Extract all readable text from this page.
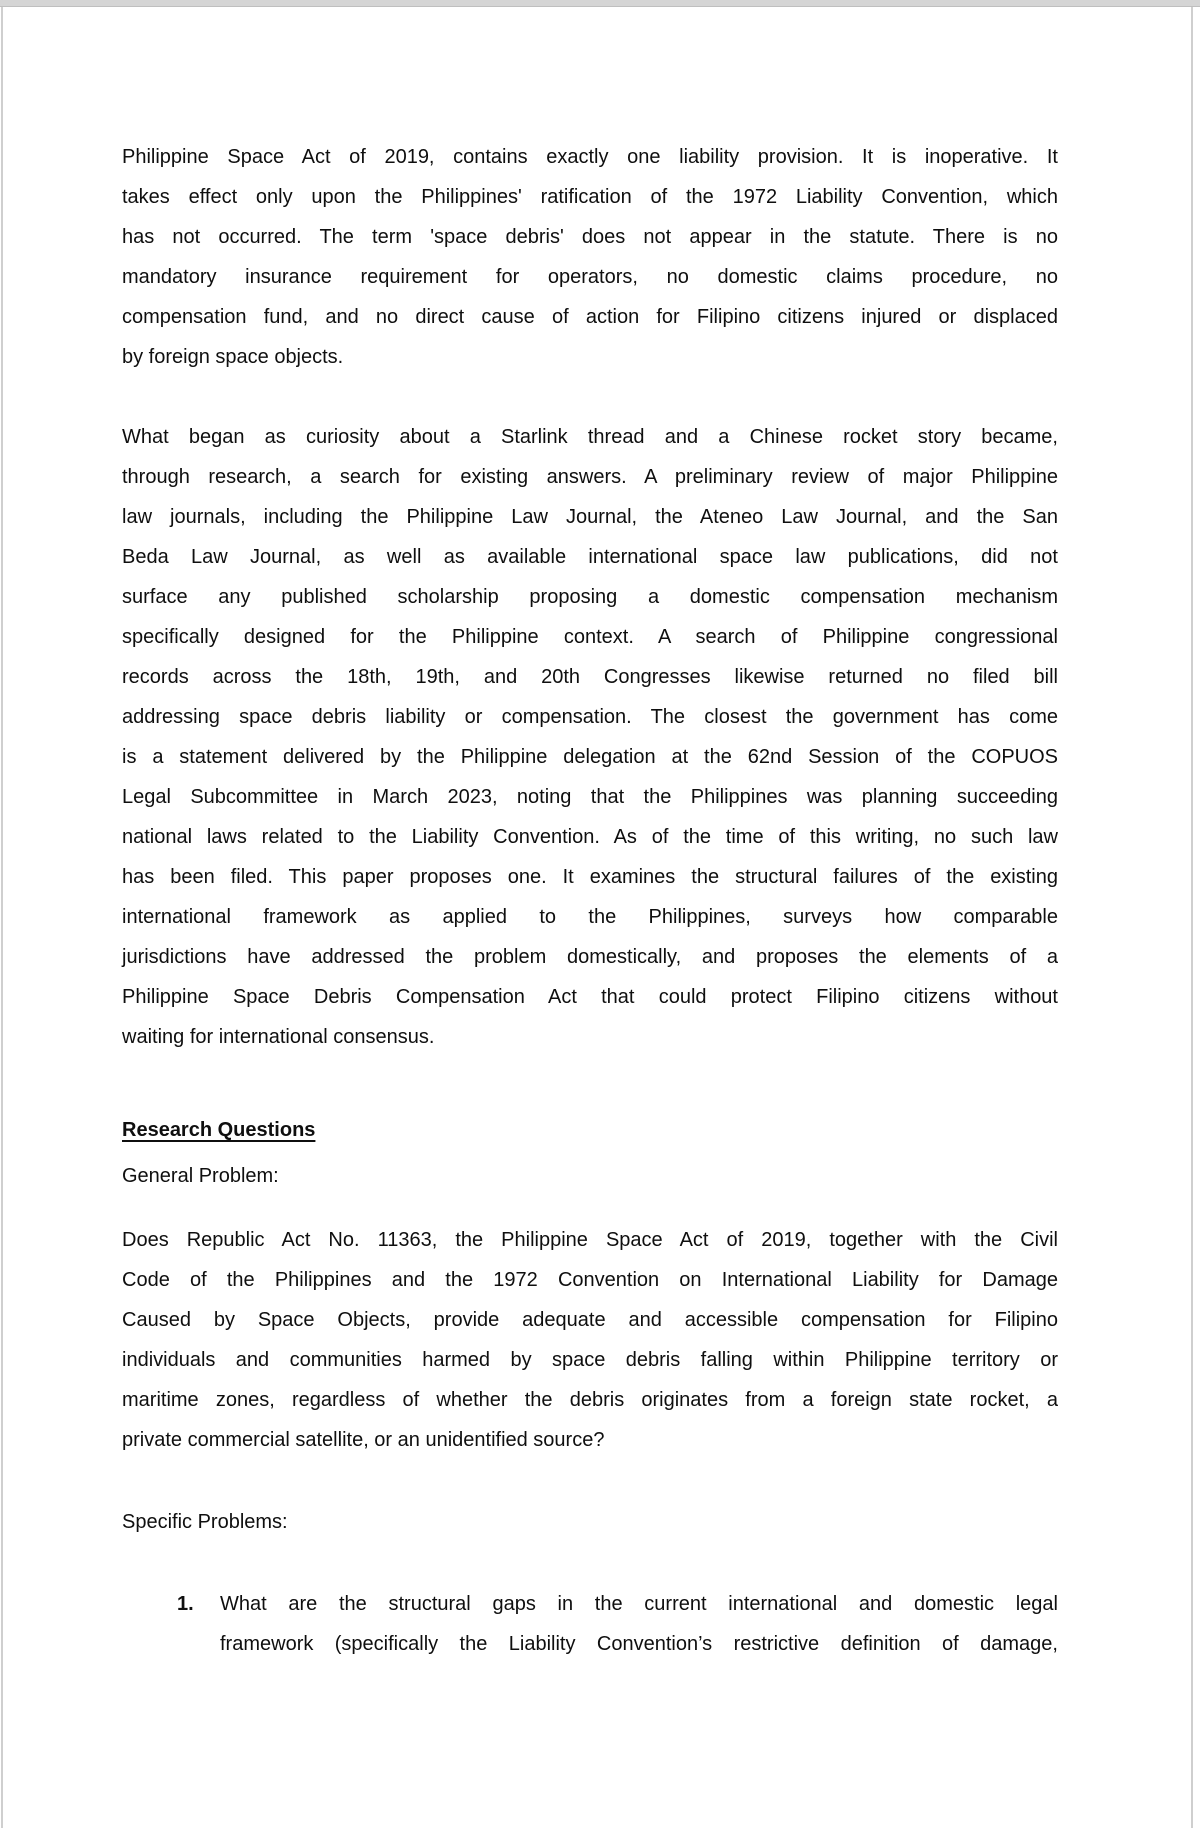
Philippine Space Act of 2019, contains exactly one liability provision. It is inoperative. It
takes effect only upon the Philippines' ratification of the 1972 Liability Convention, which
has not occurred. The term 'space debris' does not appear in the statute. There is no
mandatory insurance requirement for operators, no domestic claims procedure, no
compensation fund, and no direct cause of action for Filipino citizens injured or displaced
by foreign space objects.
What began as curiosity about a Starlink thread and a Chinese rocket story became,
through research, a search for existing answers. A preliminary review of major Philippine
law journals, including the Philippine Law Journal, the Ateneo Law Journal, and the San
Beda Law Journal, as well as available international space law publications, did not
surface any published scholarship proposing a domestic compensation mechanism
specifically designed for the Philippine context. A search of Philippine congressional
records across the 18th, 19th, and 20th Congresses likewise returned no filed bill
addressing space debris liability or compensation. The closest the government has come
is a statement delivered by the Philippine delegation at the 62nd Session of the COPUOS
Legal Subcommittee in March 2023, noting that the Philippines was planning succeeding
national laws related to the Liability Convention. As of the time of this writing, no such law
has been filed. This paper proposes one. It examines the structural failures of the existing
international framework as applied to the Philippines, surveys how comparable
jurisdictions have addressed the problem domestically, and proposes the elements of a
Philippine Space Debris Compensation Act that could protect Filipino citizens without
waiting for international consensus.
Research Questions
General Problem:
Does Republic Act No. 11363, the Philippine Space Act of 2019, together with the Civil
Code of the Philippines and the 1972 Convention on International Liability for Damage
Caused by Space Objects, provide adequate and accessible compensation for Filipino
individuals and communities harmed by space debris falling within Philippine territory or
maritime zones, regardless of whether the debris originates from a foreign state rocket, a
private commercial satellite, or an unidentified source?
Specific Problems:
1.	What are the structural gaps in the current international and domestic legal
framework (specifically the Liability Convention’s restrictive definition of damage,
